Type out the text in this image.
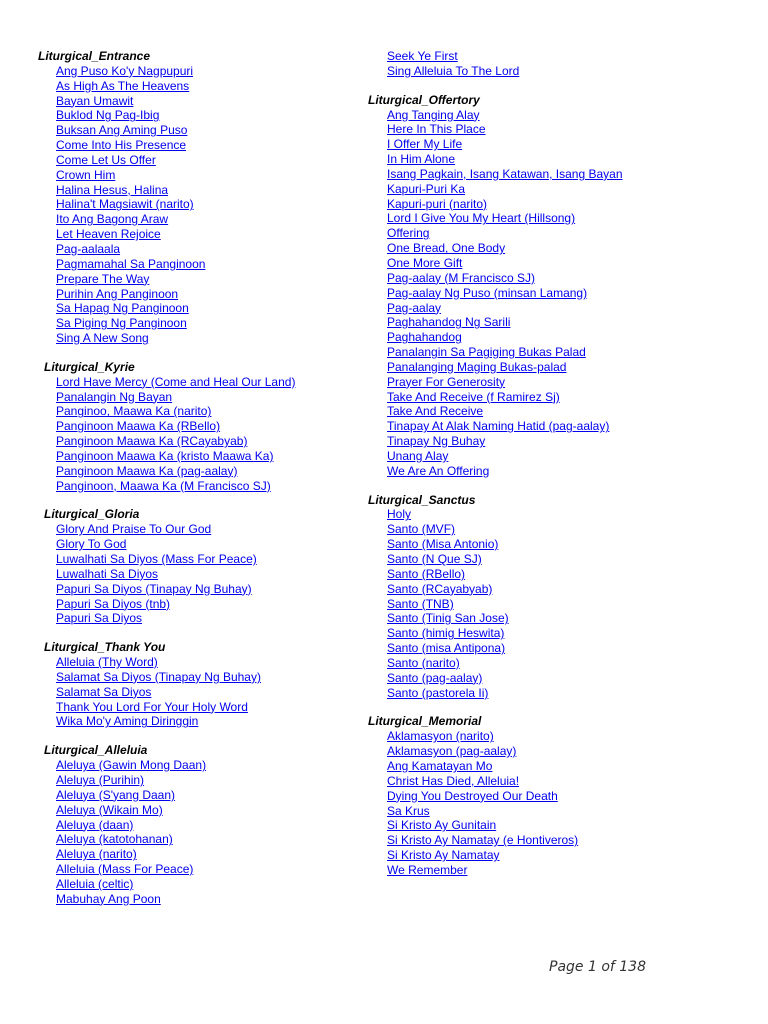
Liturgical_Entrance
Ang Puso Ko'y Nagpupuri
As High As The Heavens
Bayan Umawit
Buklod Ng Pag-Ibig
Buksan Ang Aming Puso
Come Into His Presence
Come Let Us Offer
Crown Him
Halina Hesus, Halina
Halina't Magsiawit (narito)
Ito Ang Bagong Araw
Let Heaven Rejoice
Pag-aalaala
Pagmamahal Sa Panginoon
Prepare The Way
Purihin Ang Panginoon
Sa Hapag Ng Panginoon
Sa Piging Ng Panginoon
Sing A New Song
Liturgical_Kyrie
Lord Have Mercy (Come and Heal Our Land)
Panalangin Ng Bayan
Panginoo, Maawa Ka (narito)
Panginoon Maawa Ka (RBello)
Panginoon Maawa Ka (RCayabyab)
Panginoon Maawa Ka (kristo Maawa Ka)
Panginoon Maawa Ka (pag-aalay)
Panginoon, Maawa Ka (M Francisco SJ)
Liturgical_Gloria
Glory And Praise To Our God
Glory To God
Luwalhati Sa Diyos (Mass For Peace)
Luwalhati Sa Diyos
Papuri Sa Diyos (Tinapay Ng Buhay)
Papuri Sa Diyos (tnb)
Papuri Sa Diyos
Liturgical_Thank You
Alleluia (Thy Word)
Salamat Sa Diyos (Tinapay Ng Buhay)
Salamat Sa Diyos
Thank You Lord For Your Holy Word
Wika Mo'y Aming Diringgin
Liturgical_Alleluia
Aleluya (Gawin Mong Daan)
Aleluya (Purihin)
Aleluya (S'yang Daan)
Aleluya (Wikain Mo)
Aleluya (daan)
Aleluya (katotohanan)
Aleluya (narito)
Alleluia (Mass For Peace)
Alleluia (celtic)
Mabuhay Ang Poon
Seek Ye First
Sing Alleluia To The Lord
Liturgical_Offertory
Ang Tanging Alay
Here In This Place
I Offer My Life
In Him Alone
Isang Pagkain, Isang Katawan, Isang Bayan
Kapuri-Puri Ka
Kapuri-puri (narito)
Lord I Give You My Heart (Hillsong)
Offering
One Bread, One Body
One More Gift
Pag-aalay (M Francisco SJ)
Pag-aalay Ng Puso (minsan Lamang)
Pag-aalay
Paghahandog Ng Sarili
Paghahandog
Panalangin Sa Pagiging Bukas Palad
Panalanging Maging Bukas-palad
Prayer For Generosity
Take And Receive (f Ramirez Sj)
Take And Receive
Tinapay At Alak Naming Hatid (pag-aalay)
Tinapay Ng Buhay
Unang Alay
We Are An Offering
Liturgical_Sanctus
Holy
Santo (MVF)
Santo (Misa Antonio)
Santo (N Que SJ)
Santo (RBello)
Santo (RCayabyab)
Santo (TNB)
Santo (Tinig San Jose)
Santo (himig Heswita)
Santo (misa Antipona)
Santo (narito)
Santo (pag-aalay)
Santo (pastorela Ii)
Liturgical_Memorial
Aklamasyon (narito)
Aklamasyon (pag-aalay)
Ang Kamatayan Mo
Christ Has Died, Alleluia!
Dying You Destroyed Our Death
Sa Krus
Si Kristo Ay Gunitain
Si Kristo Ay Namatay (e Hontiveros)
Si Kristo Ay Namatay
We Remember
Page 1 of 138
